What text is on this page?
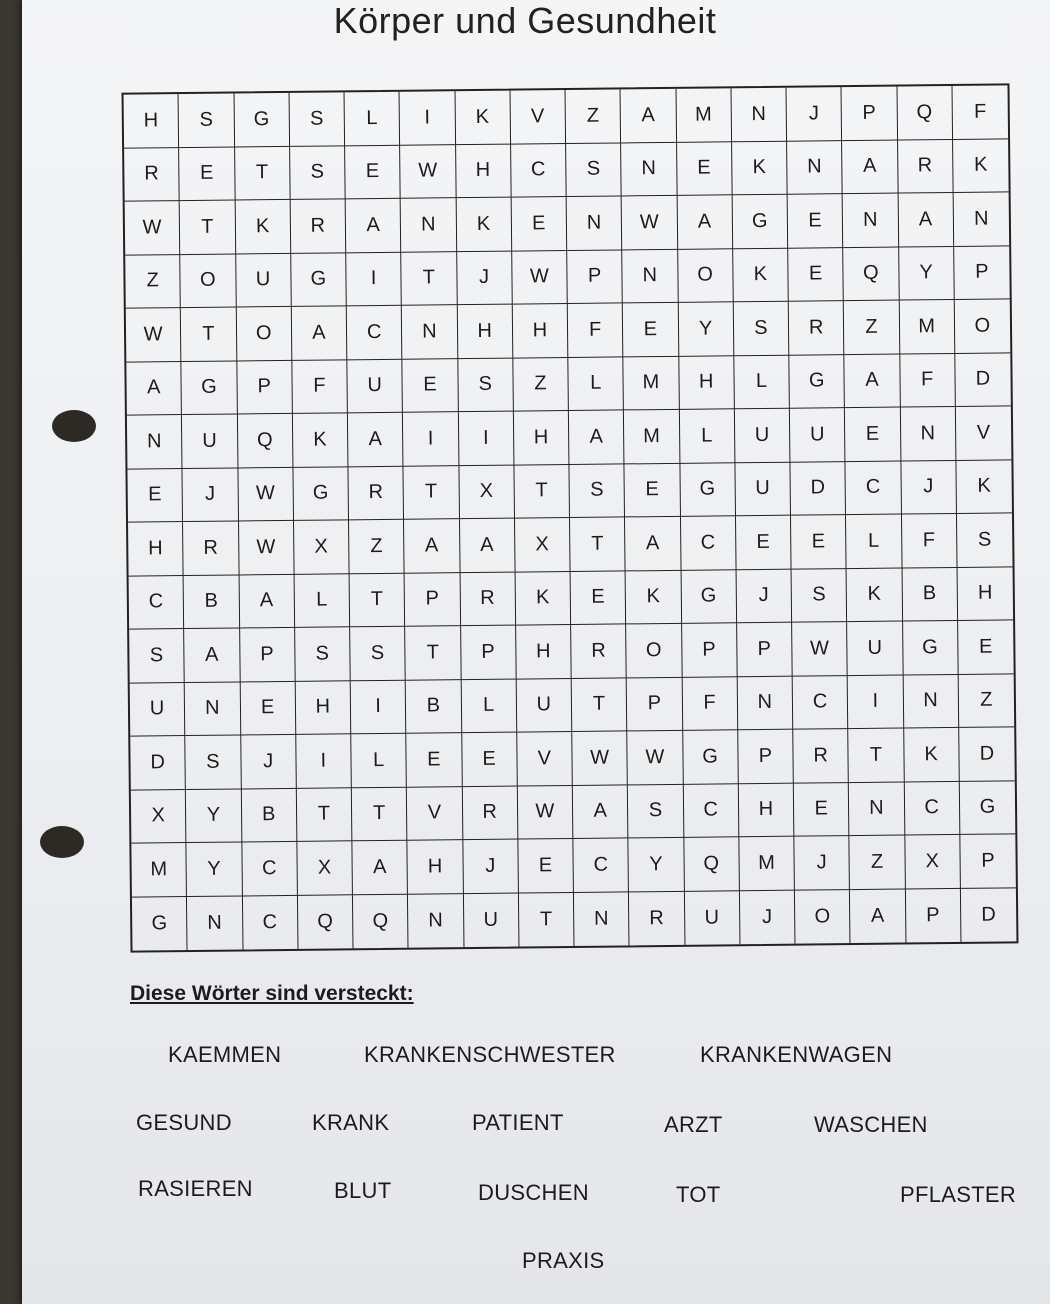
Körper und Gesundheit
H	S	G	S	L	I	K	V	Z	A	M	N	J	P	Q	F
R	E	T	S	E	W	H	C	S	N	E	K	N	A	R	K
W	T	K	R	A	N	K	E	N	W	A	G	E	N	A	N
Z	O	U	G	I	T	J	W	P	N	O	K	E	Q	Y	P
W	T	O	A	C	N	H	H	F	E	Y	S	R	Z	M	O
A	G	P	F	U	E	S	Z	L	M	H	L	G	A	F	D
N	U	Q	K	A	I	I	H	A	M	L	U	U	E	N	V
E	J	W	G	R	T	X	T	S	E	G	U	D	C	J	K
H	R	W	X	Z	A	A	X	T	A	C	E	E	L	F	S
C	B	A	L	T	P	R	K	E	K	G	J	S	K	B	H
S	A	P	S	S	T	P	H	R	O	P	P	W	U	G	E
U	N	E	H	I	B	L	U	T	P	F	N	C	I	N	Z
D	S	J	I	L	E	E	V	W	W	G	P	R	T	K	D
X	Y	B	T	T	V	R	W	A	S	C	H	E	N	C	G
M	Y	C	X	A	H	J	E	C	Y	Q	M	J	Z	X	P
G	N	C	Q	Q	N	U	T	N	R	U	J	O	A	P	D
Diese Wörter sind versteckt:
KAEMMEN	KRANKENSCHWESTER	KRANKENWAGEN
GESUND	KRANK	PATIENT	ARZT	WASCHEN
RASIEREN	BLUT	DUSCHEN	TOT	PFLASTER
PRAXIS
